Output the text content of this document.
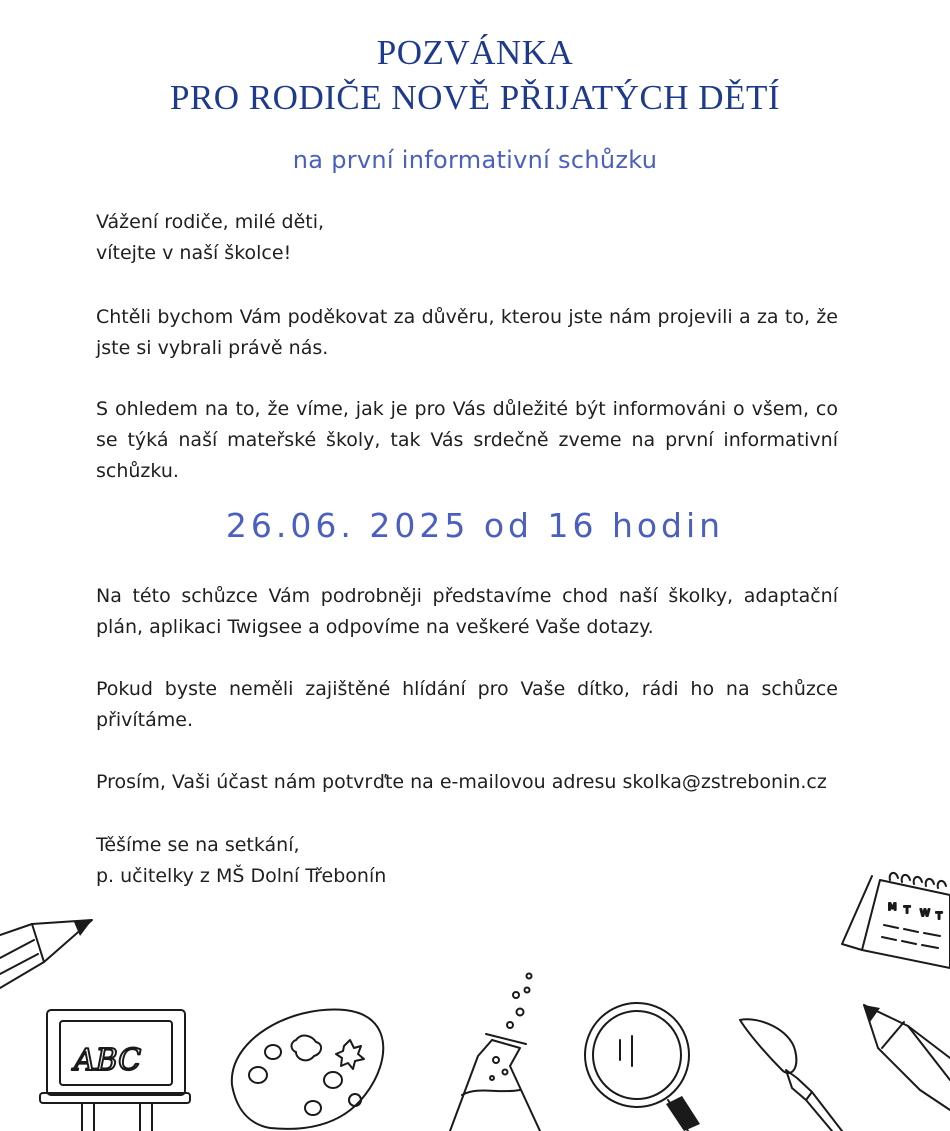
POZVÁNKA
PRO RODIČE NOVĚ PŘIJATÝCH DĚTÍ
na první informativní schůzku

Vážení rodiče, milé děti,

vítejte v naší školce!

Chtěli bychom Vám poděkovat za důvěru, kterou jste nám projevili a za to, že jste si vybrali právě nás.
S ohledem na to, že víme, jak je pro Vás důležité být informováni o všem, co se týká naší mateřské školy, tak Vás srdečně zveme na první informativní schůzku.
26.06. 2025 od 16 hodin
Na této schůzce Vám podrobněji představíme chod naší školky, adaptační plán, aplikaci Twigsee a odpovíme na veškeré Vaše dotazy.
Pokud byste neměli zajištěné hlídání pro Vaše dítko, rádi ho na schůzce přivítáme.
Prosím, Vaši účast nám potvrďte na e-mailovou adresu skolka@zstrebonin.cz

Těšíme se na setkání,

p. učitelky z MŠ Dolní Třebonín

ABC
M T W T
